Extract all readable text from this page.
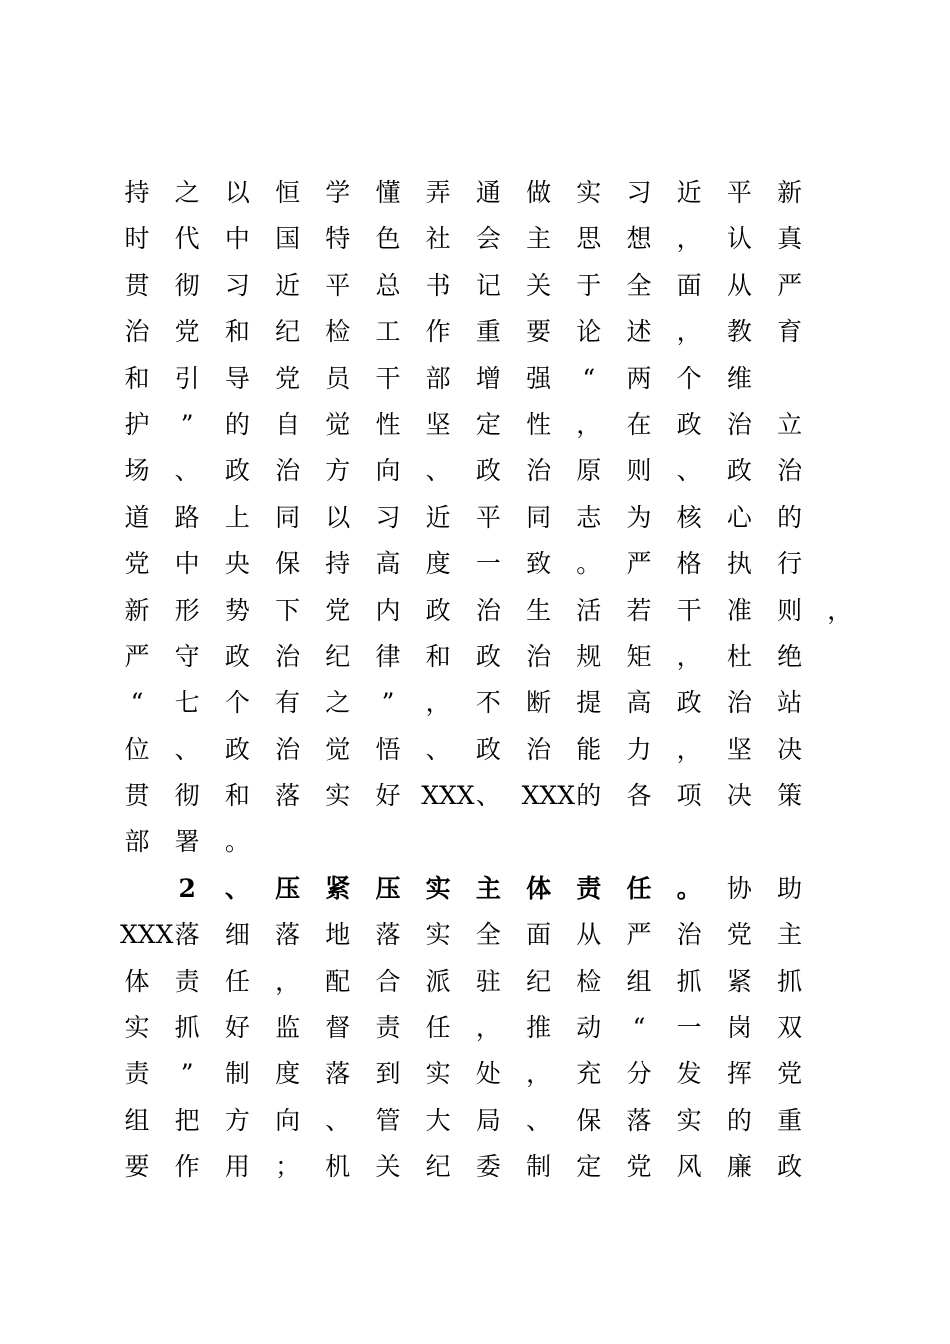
持 之 以 恒 学 懂 弄 通 做 实 习 近 平 新
时 代 中 国 特 色 社 会 主 思 想 ， 认 真
贯 彻 习 近 平 总 书 记 关 于 全 面 从 严
治 党 和 纪 检 工 作 重 要 论 述 ， 教 育
和 引 导 党 员 干 部 增 强	“	两 个 维
护	”	的 自 觉 性 坚 定 性 ， 在 政 治 立
场 、 政 治 方 向 、 政 治 原 则 、 政 治
道 路 上 同 以 习 近 平 同 志 为 核 心 的
党 中 央 保 持 高 度 一 致 。 严 格 执 行
新 形 势 下 党 内 政 治 生 活 若 干 准 则 ，
严 守 政 治 纪 律 和 政 治 规 矩 ， 杜 绝
“	七 个 有 之	”	， 不 断 提 高 政 治 站
位 、 政 治 觉 悟 、 政 治 能 力 ， 坚 决
贯 彻 和 落 实 好 XXX 、 XXX 的 各 项 决 策
部 署 。
2 、 压 紧 压 实 主 体 责 任 。 协 助
XXX 落 细 落 地 落 实 全 面 从 严 治 党 主
体 责 任 ， 配 合 派 驻 纪 检 组 抓 紧 抓
实 抓 好 监 督 责 任 ， 推 动	“	一 岗 双
责	”	制 度 落 到 实 处 ， 充 分 发 挥 党
组 把 方 向 、 管 大 局 、 保 落 实 的 重
要 作 用 ； 机 关 纪 委 制 定 党 风 廉 政
